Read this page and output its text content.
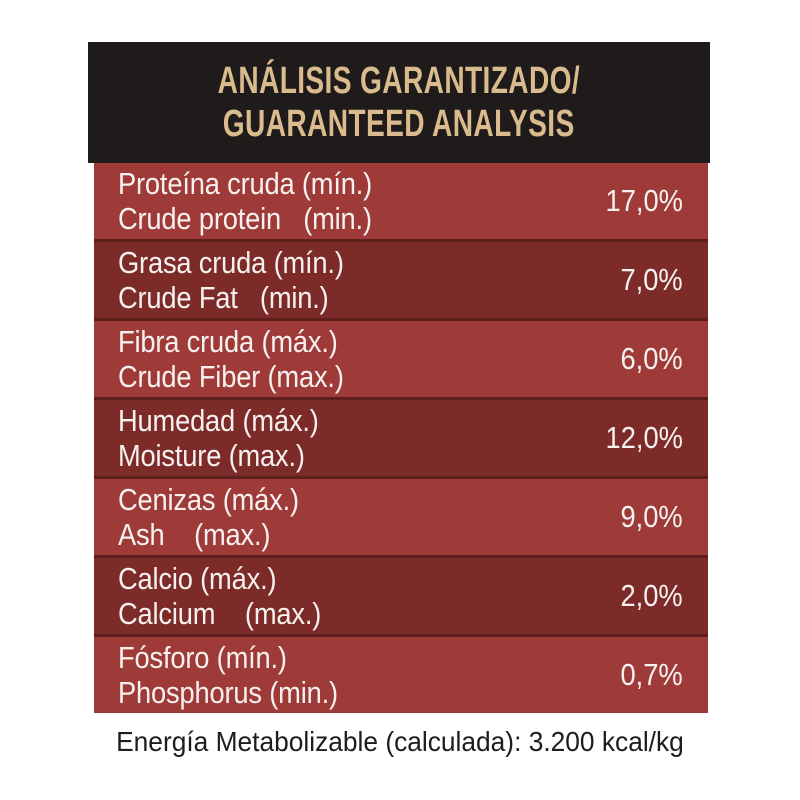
ANÁLISIS GARANTIZADO/
GUARANTEED ANALYSIS
Proteína cruda (mín.)
Crude protein   (min.)
17,0%
Grasa cruda (mín.)
Crude Fat   (min.)
7,0%
Fibra cruda (máx.)
Crude Fiber (max.)
6,0%
Humedad (máx.)
Moisture (max.)
12,0%
Cenizas (máx.)
Ash    (max.)
9,0%
Calcio (máx.)
Calcium    (max.)
2,0%
Fósforo (mín.)
Phosphorus (min.)
0,7%
Energía Metabolizable (calculada): 3.200 kcal/kg
